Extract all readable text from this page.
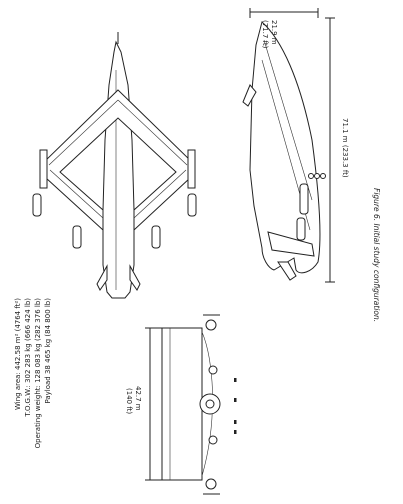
21.9 m
(71.7 ft)
71.1 m (233.3 ft)
Figure 6. Initial study configuration.
42.7 m
(140 ft)
Wing area: 442.58 m² (4764 ft²) T.O.G.W.: 302 283 kg (666 424 lb) Operating weight: 128 083 kg (282 376 lb) Payload 38 465 kg (84 800 lb)
